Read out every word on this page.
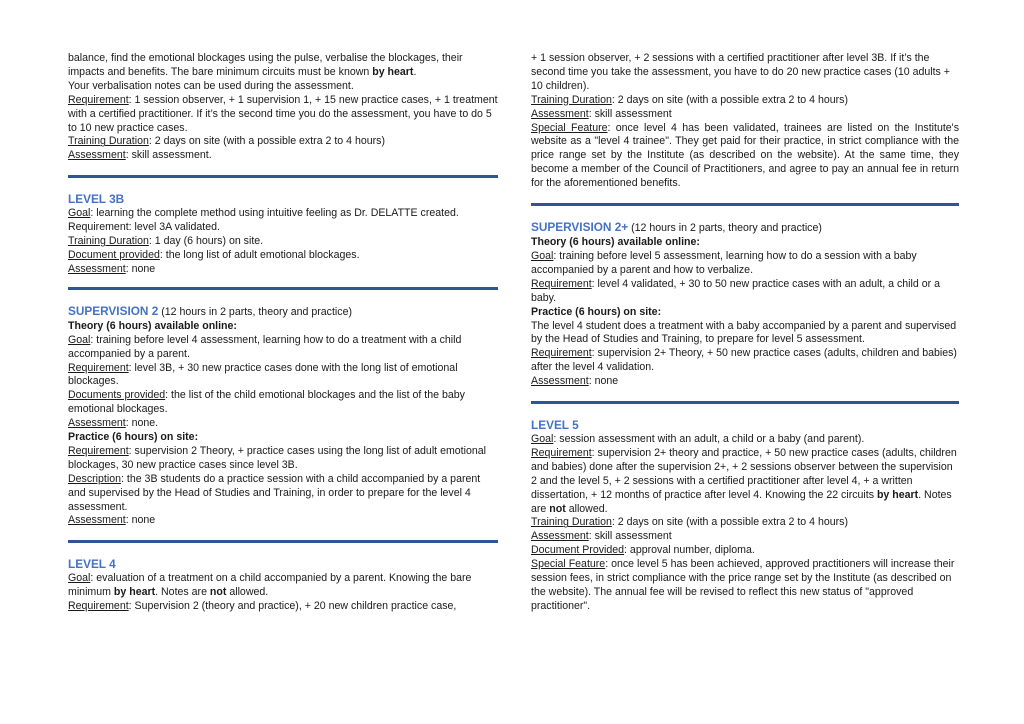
balance, find the emotional blockages using the pulse, verbalise the blockages, their impacts and benefits. The bare minimum circuits must be known by heart.

Your verbalisation notes can be used during the assessment.

Requirement: 1 session observer, + 1 supervision 1, + 15 new practice cases, + 1 treatment with a certified practitioner. If it’s the second time you do the assessment, you have to do 5 to 10 new practice cases.

Training Duration: 2 days on site (with a possible extra 2 to 4 hours)

Assessment: skill assessment.

LEVEL 3B

Goal: learning the complete method using intuitive feeling as Dr. DELATTE created.

Requirement: level 3A validated.

Training Duration: 1 day (6 hours) on site.

Document provided: the long list of adult emotional blockages.

Assessment: none

SUPERVISION 2 (12 hours in 2 parts, theory and practice)

Theory (6 hours) available online:

Goal: training before level 4 assessment, learning how to do a treatment with a child accompanied by a parent.

Requirement: level 3B, + 30 new practice cases done with the long list of emotional blockages.

Documents provided: the list of the child emotional blockages and the list of the baby emotional blockages.

Assessment: none.

Practice (6 hours) on site:

Requirement: supervision 2 Theory, + practice cases using the long list of adult emotional blockages, 30 new practice cases since level 3B.

Description: the 3B students do a practice session with a child accompanied by a parent and supervised by the Head of Studies and Training, in order to prepare for the level 4 assessment.

Assessment: none

LEVEL 4

Goal: evaluation of a treatment on a child accompanied by a parent. Knowing the bare minimum by heart. Notes are not allowed.

Requirement: Supervision 2 (theory and practice), + 20 new children practice case,

+ 1 session observer, + 2 sessions with a certified practitioner after level 3B. If it’s the second time you take the assessment, you have to do 20 new practice cases (10 adults + 10 children).

Training Duration: 2 days on site (with a possible extra 2 to 4 hours)

Assessment: skill assessment

Special Feature: once level 4 has been validated, trainees are listed on the Institute's website as a "level 4 trainee". They get paid for their practice, in strict compliance with the price range set by the Institute (as described on the website). At the same time, they become a member of the Council of Practitioners, and agree to pay an annual fee in return for the aforementioned benefits.

SUPERVISION 2+ (12 hours in 2 parts, theory and practice)

Theory (6 hours) available online:

Goal: training before level 5 assessment, learning how to do a session with a baby accompanied by a parent and how to verbalize.

Requirement: level 4 validated, + 30 to 50 new practice cases with an adult, a child or a baby.

Practice (6 hours) on site:

The level 4 student does a treatment with a baby accompanied by a parent and supervised by the Head of Studies and Training, to prepare for level 5 assessment.

Requirement: supervision 2+ Theory, + 50 new practice cases (adults, children and babies) after the level 4 validation.

Assessment: none

LEVEL 5

Goal: session assessment with an adult, a child or a baby (and parent).

Requirement: supervision 2+ theory and practice, + 50 new practice cases (adults, children and babies) done after the supervision 2+, + 2 sessions observer between the supervision 2 and the level 5, + 2 sessions with a certified practitioner after level 4, + a written dissertation, + 12 months of practice after level 4. Knowing the 22 circuits by heart. Notes are not allowed.

Training Duration: 2 days on site (with a possible extra 2 to 4 hours)

Assessment: skill assessment

Document Provided: approval number, diploma.

Special Feature: once level 5 has been achieved, approved practitioners will increase their session fees, in strict compliance with the price range set by the Institute (as described on the website). The annual fee will be revised to reflect this new status of "approved practitioner".
